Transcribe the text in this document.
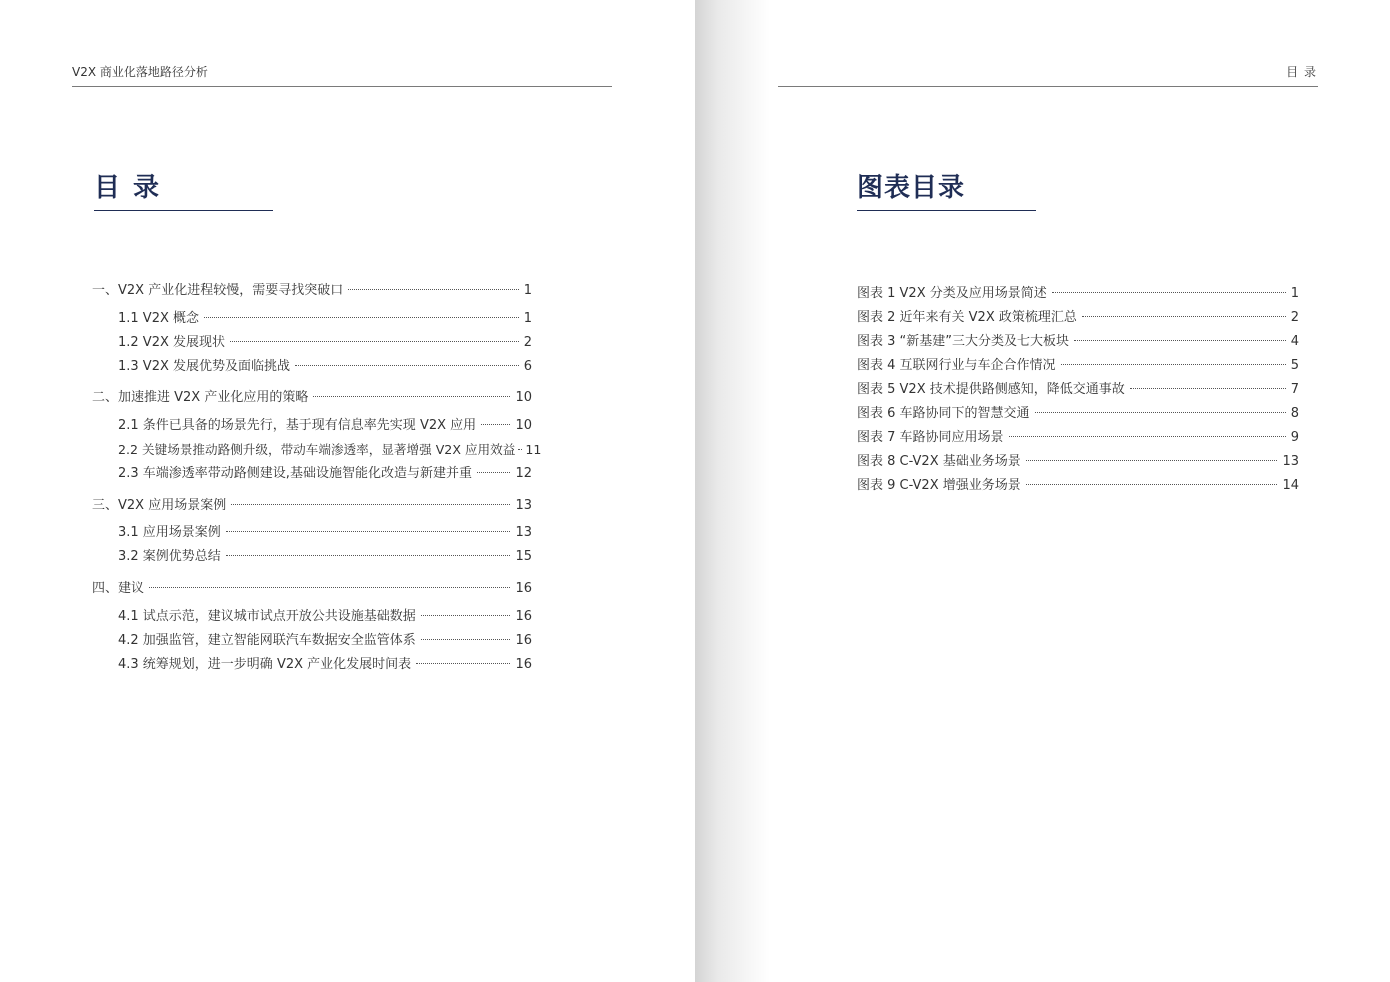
V2X 商业化落地路径分析
目 录
一、V2X 产业化进程较慢，需要寻找突破口	1
1.1 V2X 概念	1
1.2 V2X 发展现状	2
1.3 V2X 发展优势及面临挑战	6
二、加速推进 V2X 产业化应用的策略	10
2.1 条件已具备的场景先行，基于现有信息率先实现 V2X 应用	10
2.2 关键场景推动路侧升级，带动车端渗透率，显著增强 V2X 应用效益 11
2.3 车端渗透率带动路侧建设,基础设施智能化改造与新建并重	12
三、V2X 应用场景案例	13
3.1 应用场景案例	13
3.2 案例优势总结	15
四、建议	16
4.1 试点示范，建议城市试点开放公共设施基础数据	16
4.2 加强监管，建立智能网联汽车数据安全监管体系	16
4.3 统筹规划，进一步明确 V2X 产业化发展时间表	16
目 录
图表目录
图表 1 V2X 分类及应用场景简述	1
图表 2 近年来有关 V2X 政策梳理汇总	2
图表 3 “新基建”三大分类及七大板块	4
图表 4 互联网行业与车企合作情况	5
图表 5 V2X 技术提供路侧感知，降低交通事故	7
图表 6 车路协同下的智慧交通	8
图表 7 车路协同应用场景	9
图表 8 C-V2X 基础业务场景	13
图表 9 C-V2X 增强业务场景	14
